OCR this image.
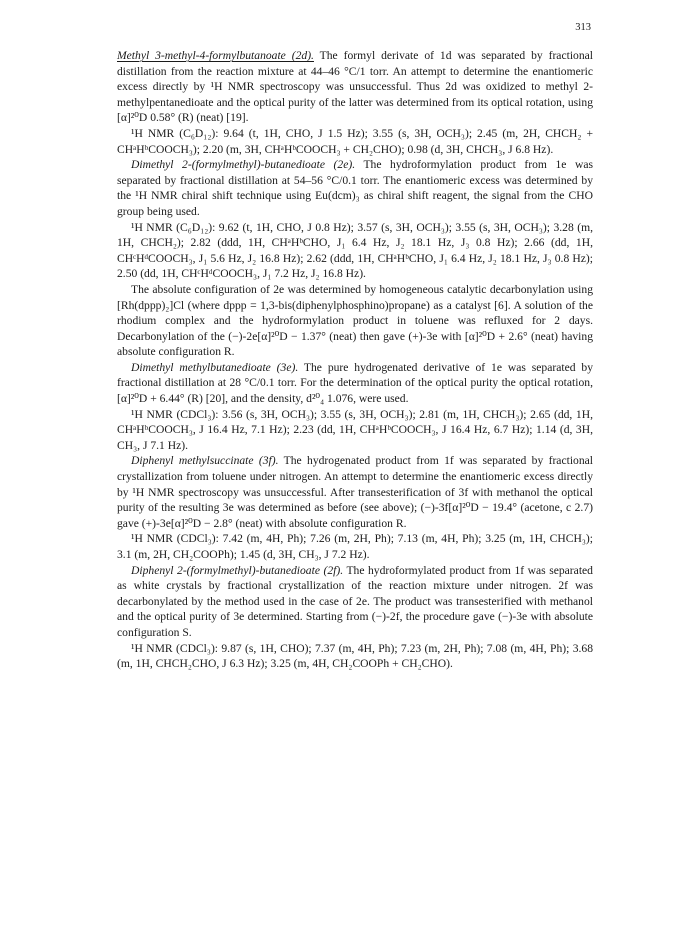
313

Methyl 3-methyl-4-formylbutanoate (2d). The formyl derivate of 1d was separated by fractional distillation from the reaction mixture at 44–46 °C/1 torr. An attempt to determine the enantiomeric excess directly by ¹H NMR spectroscopy was unsuccessful. Thus 2d was oxidized to methyl 2-methylpentanedioate and the optical purity of the latter was determined from its optical rotation, using [α]²⁰D 0.58° (R) (neat) [19].

¹H NMR (C₆D₁₂): 9.64 (t, 1H, CHO, J 1.5 Hz); 3.55 (s, 3H, OCH₃); 2.45 (m, 2H, CHCH₂ + CHᵃHᵇCOOCH₃); 2.20 (m, 3H, CHᵃHᵇCOOCH₃ + CH₂CHO); 0.98 (d, 3H, CHCH₃, J 6.8 Hz).

Dimethyl 2-(formylmethyl)-butanedioate (2e). The hydroformylation product from 1e was separated by fractional distillation at 54–56 °C/0.1 torr. The enantiomeric excess was determined by the ¹H NMR chiral shift technique using Eu(dcm)₃ as chiral shift reagent, the signal from the CHO group being used.

¹H NMR (C₆D₁₂): 9.62 (t, 1H, CHO, J 0.8 Hz); 3.57 (s, 3H, OCH₃); 3.55 (s, 3H, OCH₃); 3.28 (m, 1H, CHCH₂); 2.82 (ddd, 1H, CHᵃHᵇCHO, J₁ 6.4 Hz, J₂ 18.1 Hz, J₃ 0.8 Hz); 2.66 (dd, 1H, CHᶜHᵈCOOCH₃, J₁ 5.6 Hz, J₂ 16.8 Hz); 2.62 (ddd, 1H, CHᵃHᵇCHO, J₁ 6.4 Hz, J₂ 18.1 Hz, J₃ 0.8 Hz); 2.50 (dd, 1H, CHᶜHᵈCOOCH₃, J₁ 7.2 Hz, J₂ 16.8 Hz).

The absolute configuration of 2e was determined by homogeneous catalytic decarbonylation using [Rh(dppp)₂]Cl (where dppp = 1,3-bis(diphenylphosphino)propane) as a catalyst [6]. A solution of the rhodium complex and the hydroformylation product in toluene was refluxed for 2 days. Decarbonylation of the (−)-2e[α]²⁰D − 1.37° (neat) then gave (+)-3e with [α]²⁰D + 2.6° (neat) having absolute configuration R.

Dimethyl methylbutanedioate (3e). The pure hydrogenated derivative of 1e was separated by fractional distillation at 28 °C/0.1 torr. For the determination of the optical purity the optical rotation, [α]²⁰D + 6.44° (R) [20], and the density, d²⁰₄ 1.076, were used.

¹H NMR (CDCl₃): 3.56 (s, 3H, OCH₃); 3.55 (s, 3H, OCH₃); 2.81 (m, 1H, CHCH₃); 2.65 (dd, 1H, CHᵃHᵇCOOCH₃, J 16.4 Hz, 7.1 Hz); 2.23 (dd, 1H, CHᵃHᵇCOOCH₃, J 16.4 Hz, 6.7 Hz); 1.14 (d, 3H, CH₃, J 7.1 Hz).

Diphenyl methylsuccinate (3f). The hydrogenated product from 1f was separated by fractional crystallization from toluene under nitrogen. An attempt to determine the enantiomeric excess directly by ¹H NMR spectroscopy was unsuccessful. After transesterification of 3f with methanol the optical purity of the resulting 3e was determined as before (see above); (−)-3f[α]²⁰D − 19.4° (acetone, c 2.7) gave (+)-3e[α]²⁰D − 2.8° (neat) with absolute configuration R.

¹H NMR (CDCl₃): 7.42 (m, 4H, Ph); 7.26 (m, 2H, Ph); 7.13 (m, 4H, Ph); 3.25 (m, 1H, CHCH₃); 3.1 (m, 2H, CH₂COOPh); 1.45 (d, 3H, CH₃, J 7.2 Hz).

Diphenyl 2-(formylmethyl)-butanedioate (2f). The hydroformylated product from 1f was separated as white crystals by fractional crystallization of the reaction mixture under nitrogen. 2f was decarbonylated by the method used in the case of 2e. The product was transesterified with methanol and the optical purity of 3e determined. Starting from (−)-2f, the procedure gave (−)-3e with absolute configuration S.

¹H NMR (CDCl₃): 9.87 (s, 1H, CHO); 7.37 (m, 4H, Ph); 7.23 (m, 2H, Ph); 7.08 (m, 4H, Ph); 3.68 (m, 1H, CHCH₂CHO, J 6.3 Hz); 3.25 (m, 4H, CH₂COOPh + CH₂CHO).
